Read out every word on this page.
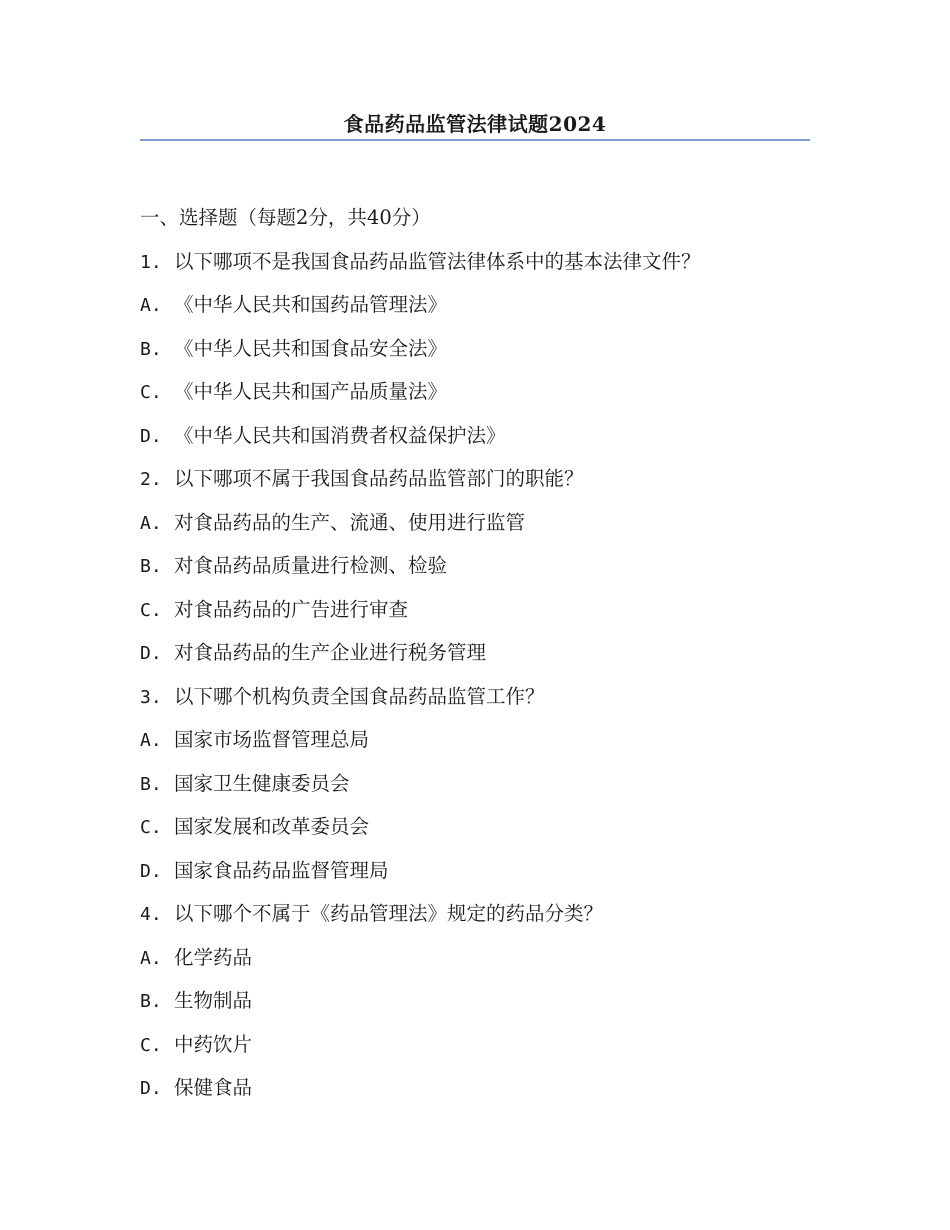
食品药品监管法律试题2024
一、选择题（每题2分，共40分）
1. 以下哪项不是我国食品药品监管法律体系中的基本法律文件？
A. 《中华人民共和国药品管理法》
B. 《中华人民共和国食品安全法》
C. 《中华人民共和国产品质量法》
D. 《中华人民共和国消费者权益保护法》
2. 以下哪项不属于我国食品药品监管部门的职能？
A. 对食品药品的生产、流通、使用进行监管
B. 对食品药品质量进行检测、检验
C. 对食品药品的广告进行审查
D. 对食品药品的生产企业进行税务管理
3. 以下哪个机构负责全国食品药品监管工作？
A. 国家市场监督管理总局
B. 国家卫生健康委员会
C. 国家发展和改革委员会
D. 国家食品药品监督管理局
4. 以下哪个不属于《药品管理法》规定的药品分类？
A. 化学药品
B. 生物制品
C. 中药饮片
D. 保健食品
